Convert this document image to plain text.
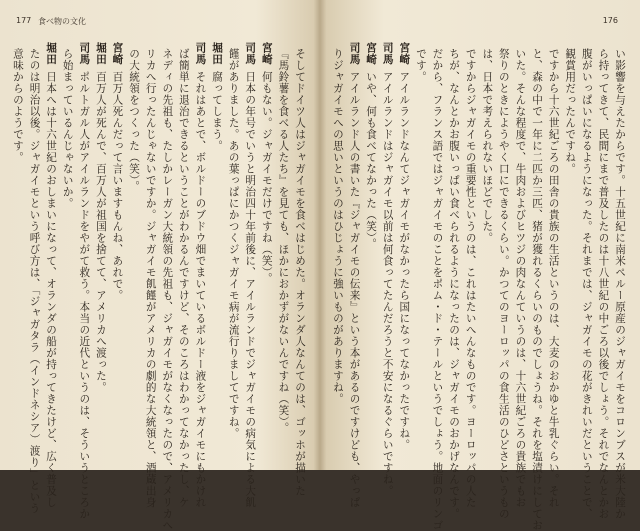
177 食べ物の文化
そしてドイツ人はジャガイモを食べはじめた。オランダ人なんてのは、ゴッホが描いた
『馬鈴薯を食べる人たち』を見ても、ほかにおかずがないんですね（笑）。
宮崎何もない。ジャガイモだけですね（笑）。
司馬日本の年号でいうと明治四十年前後に、アイルランドでジャガイモの病気による大飢
饉がありました。あの葉っぱにかつくジャガイモ病が流行りましてですね。
堀田腐ってしまう。
司馬それはあとで、ボルドーのブドウ畑でまいているボルドー液をジャガイモにもかけれ
ば簡単に退治できるということがわかるんですけど、そのころはわかってなかったし、ケ
ネディの先祖も、たしかレーガン大統領の先祖も、ジャガイモがなくなったので、アメリカへ
リカへ行ったんじゃないですか。ジャガイモ飢饉がアメリカの劇的な大統領と、酒蔵出身
の大統領をつくった（笑）。
宮崎百万人死んだって言いますもんね、あれで。
堀田百万人が死んで、百万人が祖国を捨てて、アメリカへ渡った。
司馬ポルトガル人がアイルランドをやがて救う。本当の近代というのは、そういうところか
ら始まっているんじゃないか。
堀田日本へは十六世紀のおしまいになって、オランダの船が持ってきたけど、広く普及し
たのは明治以後。ジャガイモという呼び方は、「ジャガタラ（インドネシア）渡り」という
意味からのようです。
176
い影響を与えたからです。十五世紀に南米ペルー原産のジャガイモをコロンブスが米大陸か
ら持ってきて、民間にまで普及したのは十八世紀の中ごろ以後でしょう。それでなんとかお
腹がいっぱいになるようになった。それまでは、ジャガイモの花がきれいだということで、
観賞用だったんですね。
ですから十六世紀ごろの田舎の貴族の生活というのは、大麦のおかゆと牛乳ぐらい。それ
と、森の中で一年に二匹か三匹、猪が獲れるくらいのものでしょうね。それを塩漬けにしてお
いた。そんな程度で、牛肉およびヒツジの肉なんていうのは、十六世紀ごろの貴族でもお
祭りのときにようやく口にできるくらい。かつてのヨーロッパの食生活のひどさというもの
は、日本で考えられないほどでした。
ですからジャガイモの重要性というのは、これはたいへんなものです。ヨーロッパの人た
ちが、なんとかお腹いっぱい食べられるようになったのは、ジャガイモのおかげなんです。
だから、フランス語ではジャガイモのことをポム・ド・テールというでしょう。地面のリンゴ
です。
宮崎アイルランドなんてジャガイモがなかったら国になってなかったですね。
司馬アイルランドはジャガイモ以前は何食ってたんだろうと不安になるぐらいですね。
宮崎いや、何も食べてなかった（笑）。
司馬アイルランド人の書いた『ジャガイモの伝来』という本があるのですけども、やっぱ
りジャガイモへの思いというのはひじょうに強いものがありますね。
